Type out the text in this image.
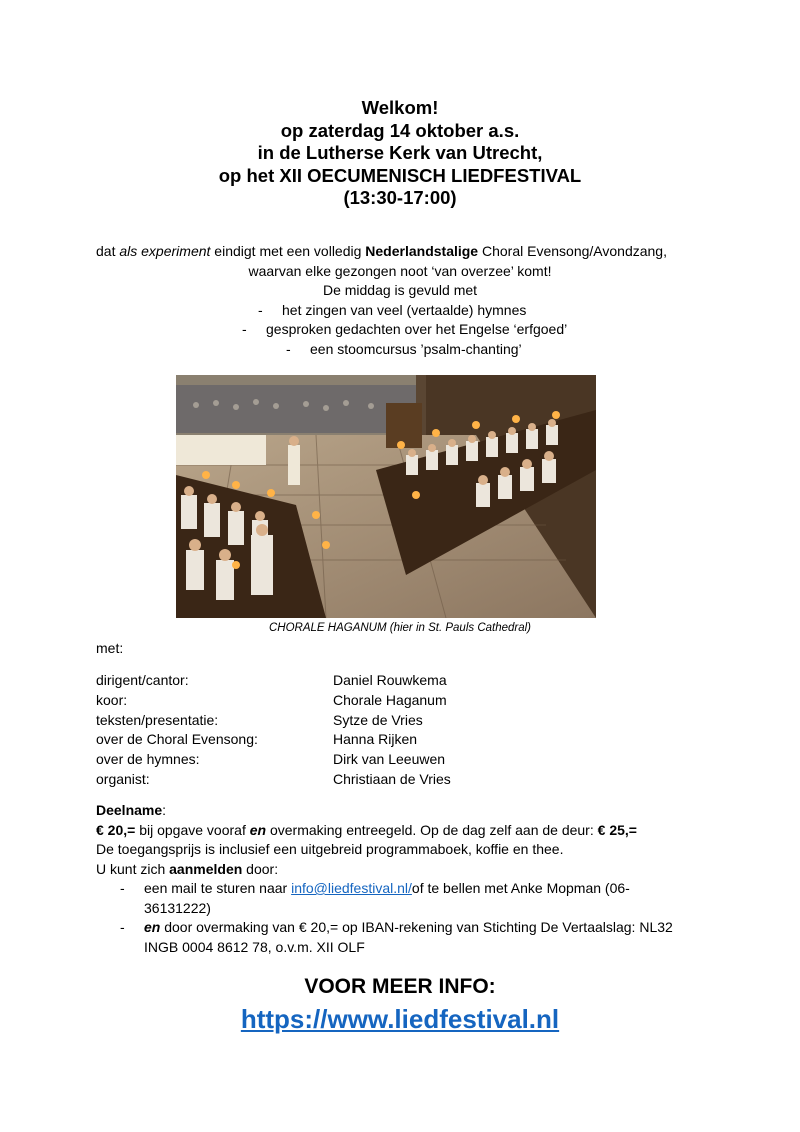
Welkom!
op zaterdag 14 oktober a.s.
in de Lutherse Kerk van Utrecht,
op het XII OECUMENISCH LIEDFESTIVAL
(13:30-17:00)
dat als experiment eindigt met een volledig Nederlandstalige Choral Evensong/Avondzang,
waarvan elke gezongen noot ‘van overzee’ komt!
De middag is gevuld met
- het zingen van veel (vertaalde) hymnes
- gesproken gedachten over het Engelse ‘erfgoed’
- een stoomcursus ’psalm-chanting’
CHORALE HAGANUM (hier in St. Pauls Cathedral)
met:
dirigent/cantor:	Daniel Rouwkema
koor:	Chorale Haganum
teksten/presentatie:	Sytze de Vries
over de Choral Evensong:	Hanna Rijken
over de hymnes:	Dirk van Leeuwen
organist:	Christiaan de Vries
Deelname:
€ 20,= bij opgave vooraf en overmaking entreegeld. Op de dag zelf aan de deur: € 25,=
De toegangsprijs is inclusief een uitgebreid programmaboek, koffie en thee.
U kunt zich aanmelden door:
-	een mail te sturen naar info@liedfestival.nl/of te bellen met Anke Mopman (06-36131222)
-	en door overmaking van € 20,= op IBAN-rekening van Stichting De Vertaalslag: NL32 INGB 0004 8612 78, o.v.m. XII OLF
VOOR MEER INFO:
https://www.liedfestival.nl
